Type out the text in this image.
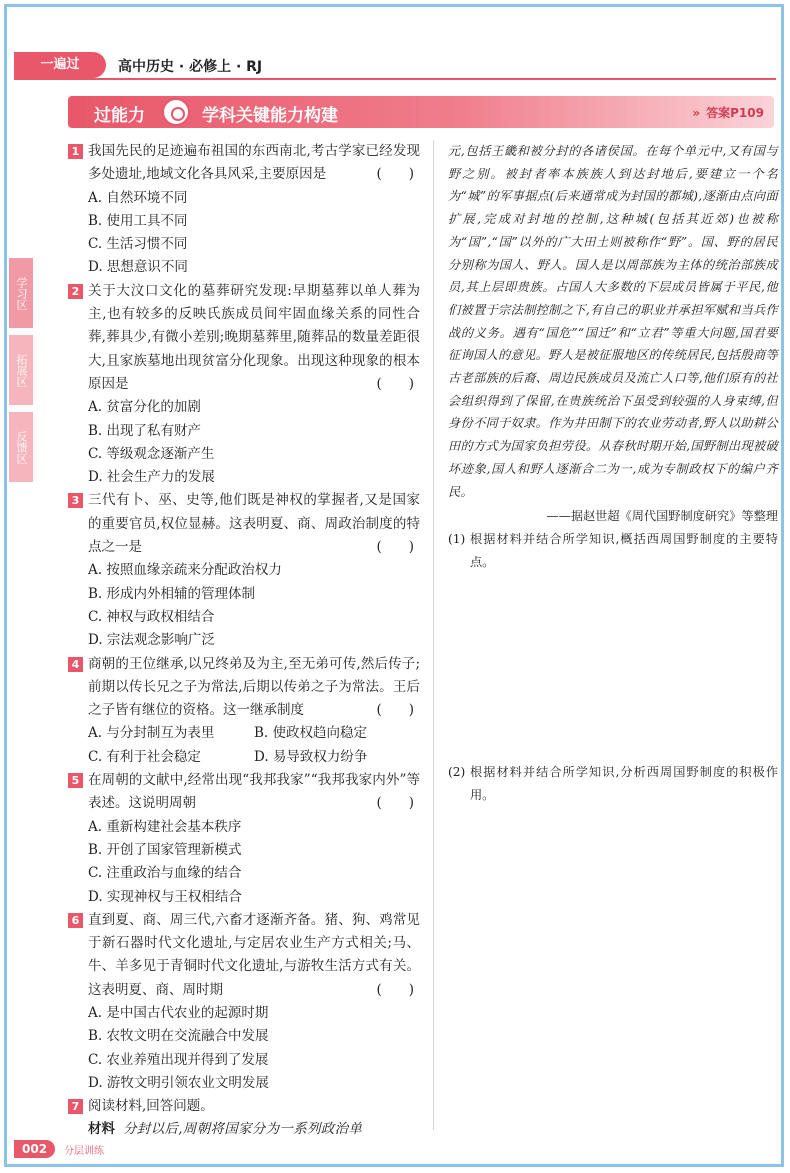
一遍过	高中历史 · 必修上 · RJ
过能力	学科关键能力构建	» 答案P109
学习区
拓展区
反馈区
1 我国先民的足迹遍布祖国的东西南北,考古学家已经发现多处遗址,地域文化各具风采,主要原因是	(　　)
A. 自然环境不同
B. 使用工具不同
C. 生活习惯不同
D. 思想意识不同
2 关于大汶口文化的墓葬研究发现:早期墓葬以单人葬为主,也有较多的反映氏族成员间牢固血缘关系的同性合葬,葬具少,有微小差别;晚期墓葬里,随葬品的数量差距很大,且家族墓地出现贫富分化现象。出现这种现象的根本原因是	(　　)
A. 贫富分化的加剧
B. 出现了私有财产
C. 等级观念逐渐产生
D. 社会生产力的发展
3 三代有卜、巫、史等,他们既是神权的掌握者,又是国家的重要官员,权位显赫。这表明夏、商、周政治制度的特点之一是	(　　)
A. 按照血缘亲疏来分配政治权力
B. 形成内外相辅的管理体制
C. 神权与政权相结合
D. 宗法观念影响广泛
4 商朝的王位继承,以兄终弟及为主,至无弟可传,然后传子;前期以传长兄之子为常法,后期以传弟之子为常法。王后之子皆有继位的资格。这一继承制度	(　　)
A. 与分封制互为表里	B. 使政权趋向稳定
C. 有利于社会稳定	D. 易导致权力纷争
5 在周朝的文献中,经常出现“我邦我家”“我邦我家内外”等表述。这说明周朝	(　　)
A. 重新构建社会基本秩序
B. 开创了国家管理新模式
C. 注重政治与血缘的结合
D. 实现神权与王权相结合
6 直到夏、商、周三代,六畜才逐渐齐备。猪、狗、鸡常见于新石器时代文化遗址,与定居农业生产方式相关;马、牛、羊多见于青铜时代文化遗址,与游牧生活方式有关。这表明夏、商、周时期	(　　)
A. 是中国古代农业的起源时期
B. 农牧文明在交流融合中发展
C. 农业养殖出现并得到了发展
D. 游牧文明引领农业文明发展
7 阅读材料,回答问题。
材料 分封以后,周朝将国家分为一系列政治单
元,包括王畿和被分封的各诸侯国。在每个单元中,又有国与野之别。被封者率本族族人到达封地后,要建立一个名为“城”的军事据点(后来通常成为封国的都城),逐渐由点向面扩展,完成对封地的控制,这种城(包括其近郊)也被称为“国”,“国”以外的广大田土则被称作“野”。国、野的居民分别称为国人、野人。国人是以周部族为主体的统治部族成员,其上层即贵族。占国人大多数的下层成员皆属于平民,他们被置于宗法制控制之下,有自己的职业并承担军赋和当兵作战的义务。遇有“国危”“国迁”和“立君”等重大问题,国君要征询国人的意见。野人是被征服地区的传统居民,包括殷商等古老部族的后裔、周边民族成员及流亡人口等,他们原有的社会组织得到了保留,在贵族统治下虽受到较强的人身束缚,但身份不同于奴隶。作为井田制下的农业劳动者,野人以助耕公田的方式为国家负担劳役。从春秋时期开始,国野制出现被破坏迹象,国人和野人逐渐合二为一,成为专制政权下的编户齐民。
——据赵世超《周代国野制度研究》等整理
(1) 根据材料并结合所学知识,概括西周国野制度的主要特点。
(2) 根据材料并结合所学知识,分析西周国野制度的积极作用。
002	分层训练
